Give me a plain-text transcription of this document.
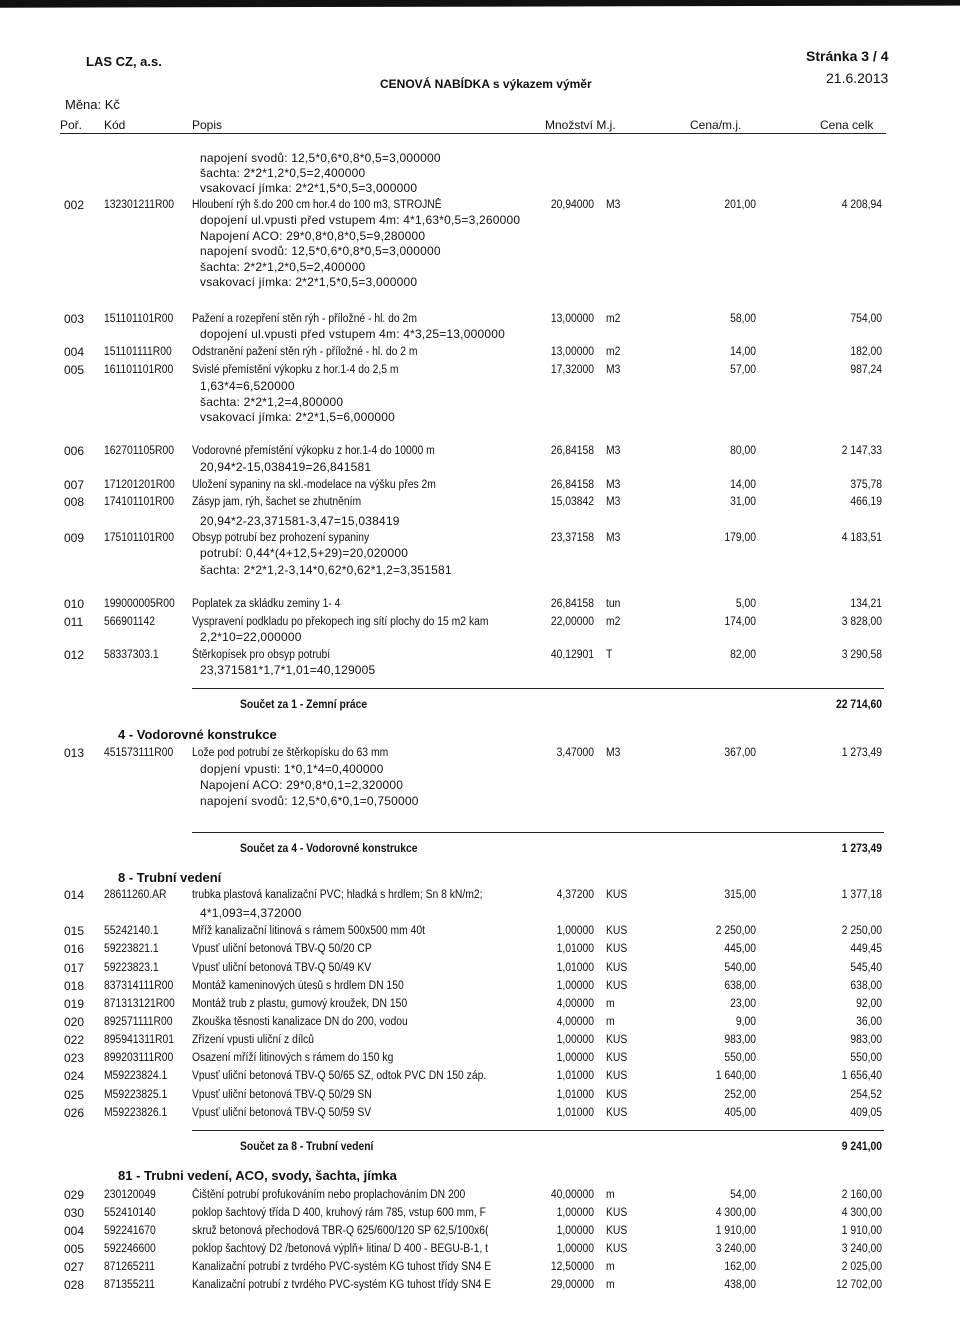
LAS CZ, a.s.
CENOVÁ NABÍDKA s výkazem výměr
Stránka 3 / 4
21.6.2013
Měna: Kč
Poř. Kód	Popis	Množství M.j.	Cena/m.j.	Cena celk
napojení svodů: 12,5*0,6*0,8*0,5=3,000000
šachta: 2*2*1,2*0,5=2,400000
vsakovací jímka: 2*2*1,5*0,5=3,000000
002 132301211R00 Hloubení rýh š.do 200 cm hor.4 do 100 m3, STROJNĚ	20,94000 M3	201,00	4 208,94
dopojení ul.vpusti před vstupem 4m: 4*1,63*0,5=3,260000
Napojení ACO: 29*0,8*0,8*0,5=9,280000
napojení svodů: 12,5*0,6*0,8*0,5=3,000000
šachta: 2*2*1,2*0,5=2,400000
vsakovací jímka: 2*2*1,5*0,5=3,000000
003 151101101R00 Pažení a rozepření stěn rýh - příložné - hl. do 2m	13,00000 m2	58,00	754,00
dopojení ul.vpusti před vstupem 4m: 4*3,25=13,000000
004 151101111R00 Odstranění pažení stěn rýh - příložné - hl. do 2 m	13,00000 m2	14,00	182,00
005 161101101R00 Svislé přemístění výkopku z hor.1-4 do 2,5 m	17,32000 M3	57,00	987,24
1,63*4=6,520000
šachta: 2*2*1,2=4,800000
vsakovací jímka: 2*2*1,5=6,000000
006 162701105R00 Vodorovné přemístění výkopku z hor.1-4 do 10000 m	26,84158 M3	80,00	2 147,33
20,94*2-15,038419=26,841581
007 171201201R00 Uložení sypaniny na skl.-modelace na výšku přes 2m	26,84158 M3	14,00	375,78
008 174101101R00 Zásyp jam, rýh, šachet se zhutněním	15,03842 M3	31,00	466,19
20,94*2-23,371581-3,47=15,038419
009 175101101R00 Obsyp potrubí bez prohození sypaniny	23,37158 M3	179,00	4 183,51
potrubí: 0,44*(4+12,5+29)=20,020000
šachta: 2*2*1,2-3,14*0,62*0,62*1,2=3,351581
010 199000005R00 Poplatek za skládku zeminy 1- 4	26,84158 tun	5,00	134,21
011 566901142	Vyspravení podkladu po překopech ing sítí plochy do 15 m2 kam	22,00000 m2	174,00	3 828,00
2,2*10=22,000000
012 58337303.1	Štěrkopísek pro obsyp potrubí	40,12901 T	82,00	3 290,58
23,371581*1,7*1,01=40,129005
Součet za 1 - Zemní práce	22 714,60
4 - Vodorovné konstrukce
013 451573111R00 Lože pod potrubí ze štěrkopísku do 63 mm	3,47000 M3	367,00	1 273,49
dopjení vpusti: 1*0,1*4=0,400000
Napojení ACO: 29*0,8*0,1=2,320000
napojení svodů: 12,5*0,6*0,1=0,750000
Součet za 4 - Vodorovné konstrukce	1 273,49
8 - Trubní vedení
014 28611260.AR trubka plastová kanalizační PVC; hladká s hrdlem; Sn 8 kN/m2;	4,37200 KUS	315,00	1 377,18
4*1,093=4,372000
015 55242140.1	Mříž kanalizační litinová s rámem 500x500 mm 40t	1,00000 KUS	2 250,00	2 250,00
016 59223821.1	Vpusť uliční betonová TBV-Q 50/20 CP	1,01000 KUS	445,00	449,45
017 59223823.1	Vpusť uliční betonová TBV-Q 50/49 KV	1,01000 KUS	540,00	545,40
018 837314111R00 Montáž kameninových útesů s hrdlem DN 150	1,00000 KUS	638,00	638,00
019 871313121R00 Montáž trub z plastu, gumový kroužek, DN 150	4,00000 m	23,00	92,00
020 892571111R00 Zkouška těsnosti kanalizace DN do 200, vodou	4,00000 m	9,00	36,00
022 895941311R01 Zřízení vpusti uliční z dílců	1,00000 KUS	983,00	983,00
023 899203111R00 Osazení mříží litinových s rámem do 150 kg	1,00000 KUS	550,00	550,00
024 M59223824.1 Vpusť uliční betonová TBV-Q 50/65 SZ, odtok PVC DN 150 záp.	1,01000 KUS	1 640,00	1 656,40
025 M59223825.1 Vpusť uliční betonová TBV-Q 50/29 SN	1,01000 KUS	252,00	254,52
026 M59223826.1 Vpusť uliční betonová TBV-Q 50/59 SV	1,01000 KUS	405,00	409,05
Součet za 8 - Trubní vedení	9 241,00
81 - Trubni vedení, ACO, svody, šachta, jímka
029 230120049	Čištění potrubí profukováním nebo proplachováním DN 200	40,00000 m	54,00	2 160,00
030 552410140	poklop šachtový třída D 400, kruhový rám 785, vstup 600 mm, F	1,00000 KUS	4 300,00	4 300,00
004 592241670	skruž betonová přechodová TBR-Q 625/600/120 SP 62,5/100x6(	1,00000 KUS	1 910,00	1 910,00
005 592246600	poklop šachtový D2 /betonová výplň+ litina/ D 400 - BEGU-B-1, t	1,00000 KUS	3 240,00	3 240,00
027 871265211	Kanalizační potrubí z tvrdého PVC-systém KG tuhost třídy SN4 E	12,50000 m	162,00	2 025,00
028 871355211	Kanalizační potrubí z tvrdého PVC-systém KG tuhost třídy SN4 E	29,00000 m	438,00	12 702,00
